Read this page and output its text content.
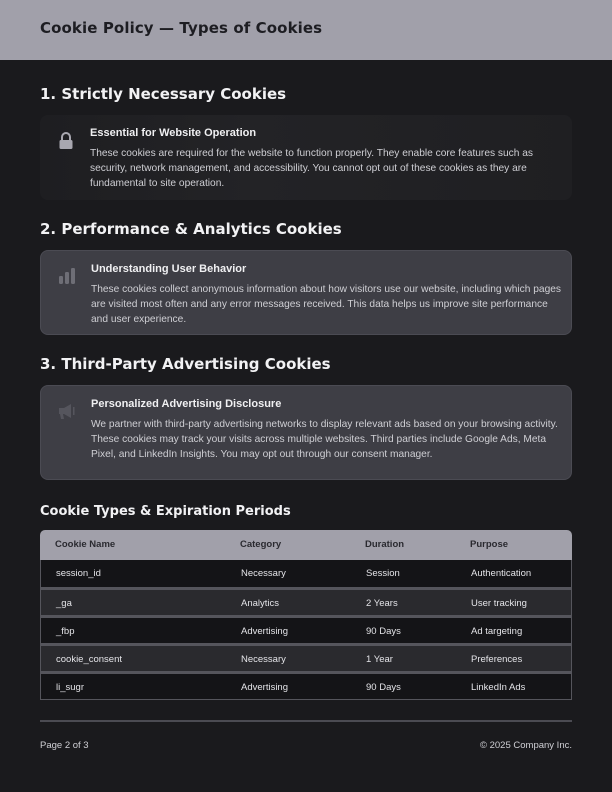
Cookie Policy — Types of Cookies
1. Strictly Necessary Cookies
Essential for Website Operation
These cookies are required for the website to function properly. They enable core features such as security, network management, and accessibility. You cannot opt out of these cookies as they are fundamental to site operation.
2. Performance & Analytics Cookies
Understanding User Behavior
These cookies collect anonymous information about how visitors use our website, including which pages are visited most often and any error messages received. This data helps us improve site performance and user experience.
3. Third-Party Advertising Cookies
Personalized Advertising Disclosure
We partner with third-party advertising networks to display relevant ads based on your browsing activity. These cookies may track your visits across multiple websites. Third parties include Google Ads, Meta Pixel, and LinkedIn Insights. You may opt out through our consent manager.
Cookie Types & Expiration Periods
Cookie Name	Category	Duration	Purpose
session_id	Necessary	Session	Authentication
_ga	Analytics	2 Years	User tracking
_fbp	Advertising	90 Days	Ad targeting
cookie_consent	Necessary	1 Year	Preferences
li_sugr	Advertising	90 Days	LinkedIn Ads
Page 2 of 3	© 2025 Company Inc.
